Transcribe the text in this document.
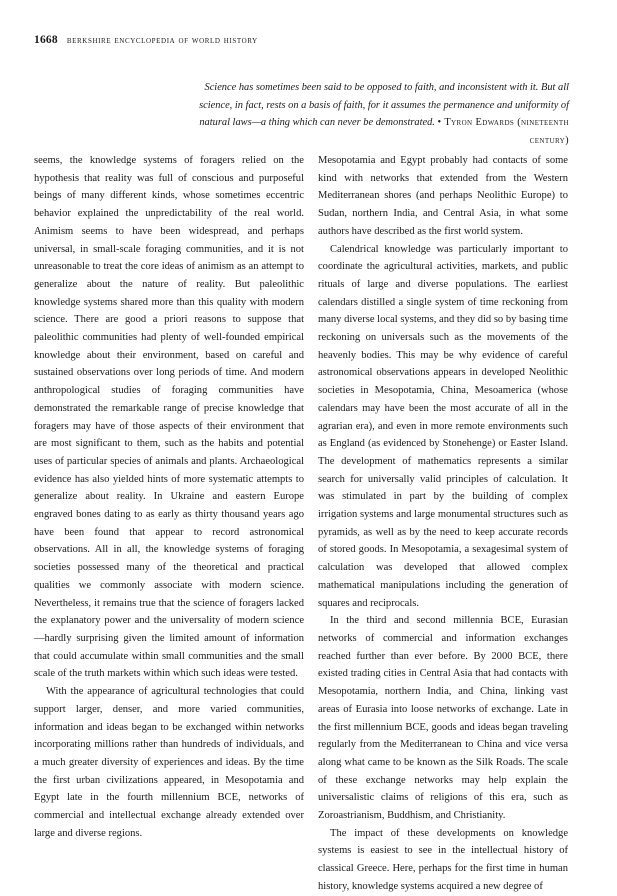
1668 berkshire encyclopedia of world history
Science has sometimes been said to be opposed to faith, and inconsistent with it. But all science, in fact, rests on a basis of faith, for it assumes the permanence and uniformity of natural laws—a thing which can never be demonstrated. • Tyron Edwards (nineteenth century)

seems, the knowledge systems of foragers relied on the hypothesis that reality was full of conscious and purposeful beings of many different kinds, whose sometimes eccentric behavior explained the unpredictability of the real world. Animism seems to have been widespread, and perhaps universal, in small-scale foraging communities, and it is not unreasonable to treat the core ideas of animism as an attempt to generalize about the nature of reality. But paleolithic knowledge systems shared more than this quality with modern science. There are good a priori reasons to suppose that paleolithic communities had plenty of well-founded empirical knowledge about their environment, based on careful and sustained observations over long periods of time. And modern anthropological studies of foraging communities have demonstrated the remarkable range of precise knowledge that foragers may have of those aspects of their environment that are most significant to them, such as the habits and potential uses of particular species of animals and plants. Archaeological evidence has also yielded hints of more systematic attempts to generalize about reality. In Ukraine and eastern Europe engraved bones dating to as early as thirty thousand years ago have been found that appear to record astronomical observations. All in all, the knowledge systems of foraging societies possessed many of the theoretical and practical qualities we commonly associate with modern science. Nevertheless, it remains true that the science of foragers lacked the explanatory power and the universality of modern science—hardly surprising given the limited amount of information that could accumulate within small communities and the small scale of the truth markets within which such ideas were tested.

With the appearance of agricultural technologies that could support larger, denser, and more varied communities, information and ideas began to be exchanged within networks incorporating millions rather than hundreds of individuals, and a much greater diversity of experiences and ideas. By the time the first urban civilizations appeared, in Mesopotamia and Egypt late in the fourth millennium BCE, networks of commercial and intellectual exchange already extended over large and diverse regions.

Mesopotamia and Egypt probably had contacts of some kind with networks that extended from the Western Mediterranean shores (and perhaps Neolithic Europe) to Sudan, northern India, and Central Asia, in what some authors have described as the first world system.

Calendrical knowledge was particularly important to coordinate the agricultural activities, markets, and public rituals of large and diverse populations. The earliest calendars distilled a single system of time reckoning from many diverse local systems, and they did so by basing time reckoning on universals such as the movements of the heavenly bodies. This may be why evidence of careful astronomical observations appears in developed Neolithic societies in Mesopotamia, China, Mesoamerica (whose calendars may have been the most accurate of all in the agrarian era), and even in more remote environments such as England (as evidenced by Stonehenge) or Easter Island. The development of mathematics represents a similar search for universally valid principles of calculation. It was stimulated in part by the building of complex irrigation systems and large monumental structures such as pyramids, as well as by the need to keep accurate records of stored goods. In Mesopotamia, a sexagesimal system of calculation was developed that allowed complex mathematical manipulations including the generation of squares and reciprocals.

In the third and second millennia BCE, Eurasian networks of commercial and information exchanges reached further than ever before. By 2000 BCE, there existed trading cities in Central Asia that had contacts with Mesopotamia, northern India, and China, linking vast areas of Eurasia into loose networks of exchange. Late in the first millennium BCE, goods and ideas began traveling regularly from the Mediterranean to China and vice versa along what came to be known as the Silk Roads. The scale of these exchange networks may help explain the universalistic claims of religions of this era, such as Zoroastrianism, Buddhism, and Christianity.

The impact of these developments on knowledge systems is easiest to see in the intellectual history of classical Greece. Here, perhaps for the first time in human history, knowledge systems acquired a new degree of
